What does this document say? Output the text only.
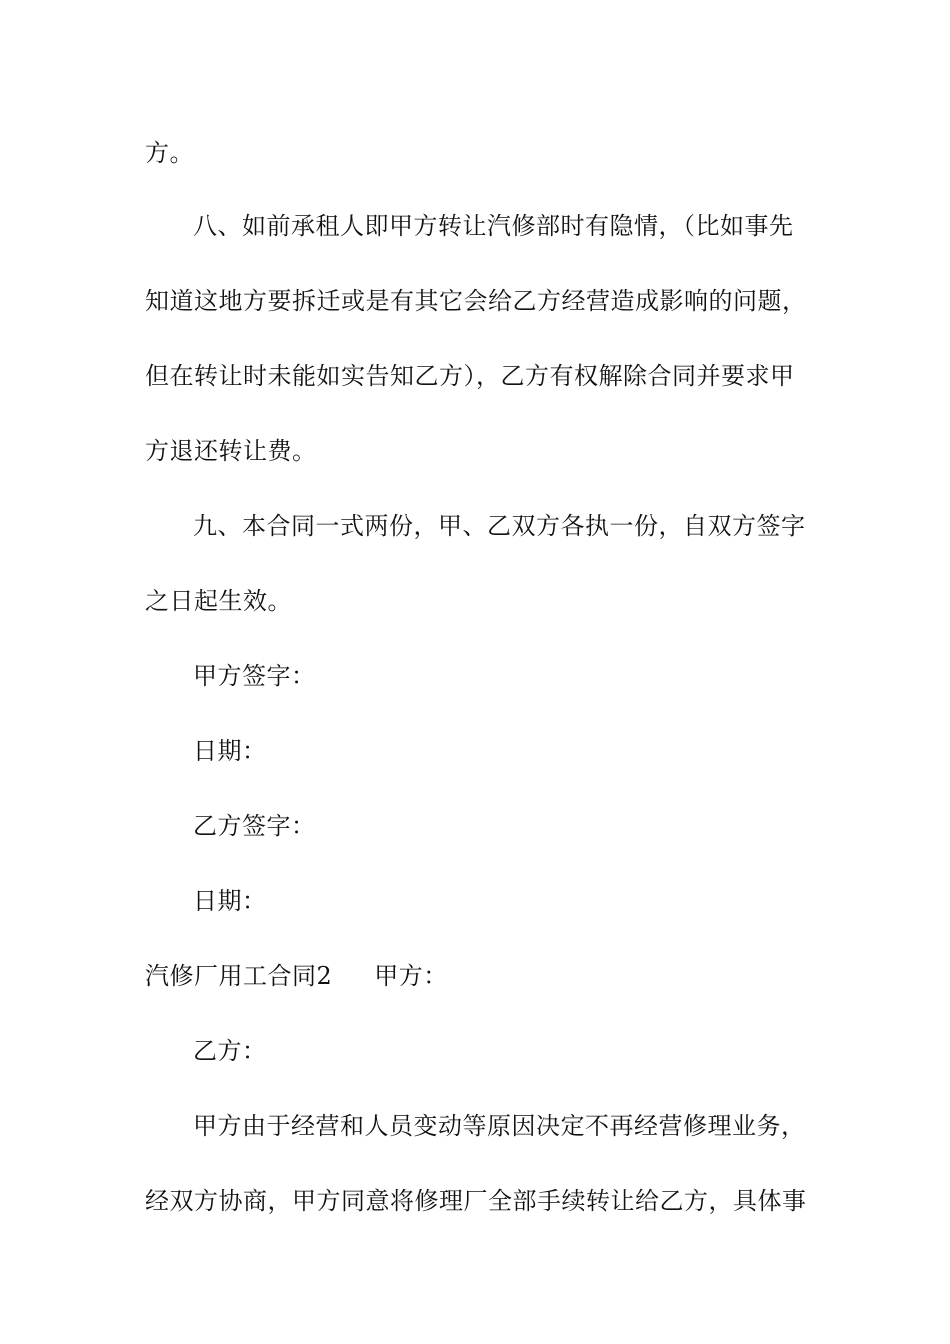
方。
八、如前承租人即甲方转让汽修部时有隐情，（比如事先
知道这地方要拆迁或是有其它会给乙方经营造成影响的问题，
但在转让时未能如实告知乙方），乙方有权解除合同并要求甲
方退还转让费。
九、本合同一式两份，甲、乙双方各执一份，自双方签字
之日起生效。
甲方签字：
日期：
乙方签字：
日期：
汽修厂用工合同2 甲方：
乙方：
甲方由于经营和人员变动等原因决定不再经营修理业务，
经双方协商，甲方同意将修理厂全部手续转让给乙方，具体事
